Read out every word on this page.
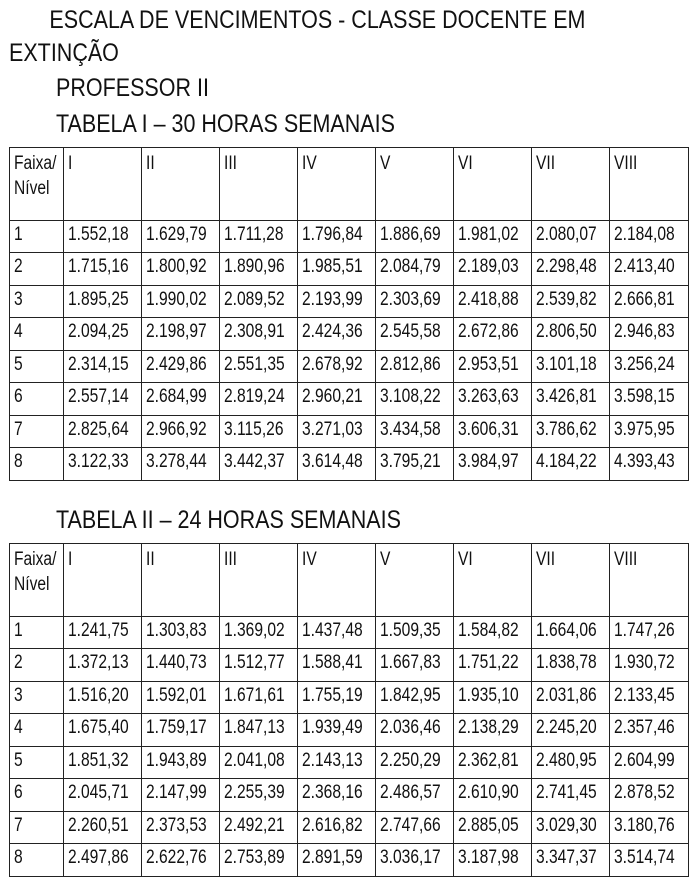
ESCALA DE VENCIMENTOS - CLASSE DOCENTE EM EXTINÇÃO
PROFESSOR II
TABELA I – 30 HORAS SEMANAIS
Faixa/
Nível	I	II	III	IV	V	VI	VII	VIII

1	1.552,18	1.629,79	1.711,28	1.796,84	1.886,69	1.981,02	2.080,07	2.184,08

2	1.715,16	1.800,92	1.890,96	1.985,51	2.084,79	2.189,03	2.298,48	2.413,40

3	1.895,25	1.990,02	2.089,52	2.193,99	2.303,69	2.418,88	2.539,82	2.666,81

4	2.094,25	2.198,97	2.308,91	2.424,36	2.545,58	2.672,86	2.806,50	2.946,83

5	2.314,15	2.429,86	2.551,35	2.678,92	2.812,86	2.953,51	3.101,18	3.256,24

6	2.557,14	2.684,99	2.819,24	2.960,21	3.108,22	3.263,63	3.426,81	3.598,15

7	2.825,64	2.966,92	3.115,26	3.271,03	3.434,58	3.606,31	3.786,62	3.975,95

8	3.122,33	3.278,44	3.442,37	3.614,48	3.795,21	3.984,97	4.184,22	4.393,43
TABELA II – 24 HORAS SEMANAIS
Faixa/
Nível	I	II	III	IV	V	VI	VII	VIII

1	1.241,75	1.303,83	1.369,02	1.437,48	1.509,35	1.584,82	1.664,06	1.747,26

2	1.372,13	1.440,73	1.512,77	1.588,41	1.667,83	1.751,22	1.838,78	1.930,72

3	1.516,20	1.592,01	1.671,61	1.755,19	1.842,95	1.935,10	2.031,86	2.133,45

4	1.675,40	1.759,17	1.847,13	1.939,49	2.036,46	2.138,29	2.245,20	2.357,46

5	1.851,32	1.943,89	2.041,08	2.143,13	2.250,29	2.362,81	2.480,95	2.604,99

6	2.045,71	2.147,99	2.255,39	2.368,16	2.486,57	2.610,90	2.741,45	2.878,52

7	2.260,51	2.373,53	2.492,21	2.616,82	2.747,66	2.885,05	3.029,30	3.180,76

8	2.497,86	2.622,76	2.753,89	2.891,59	3.036,17	3.187,98	3.347,37	3.514,74
